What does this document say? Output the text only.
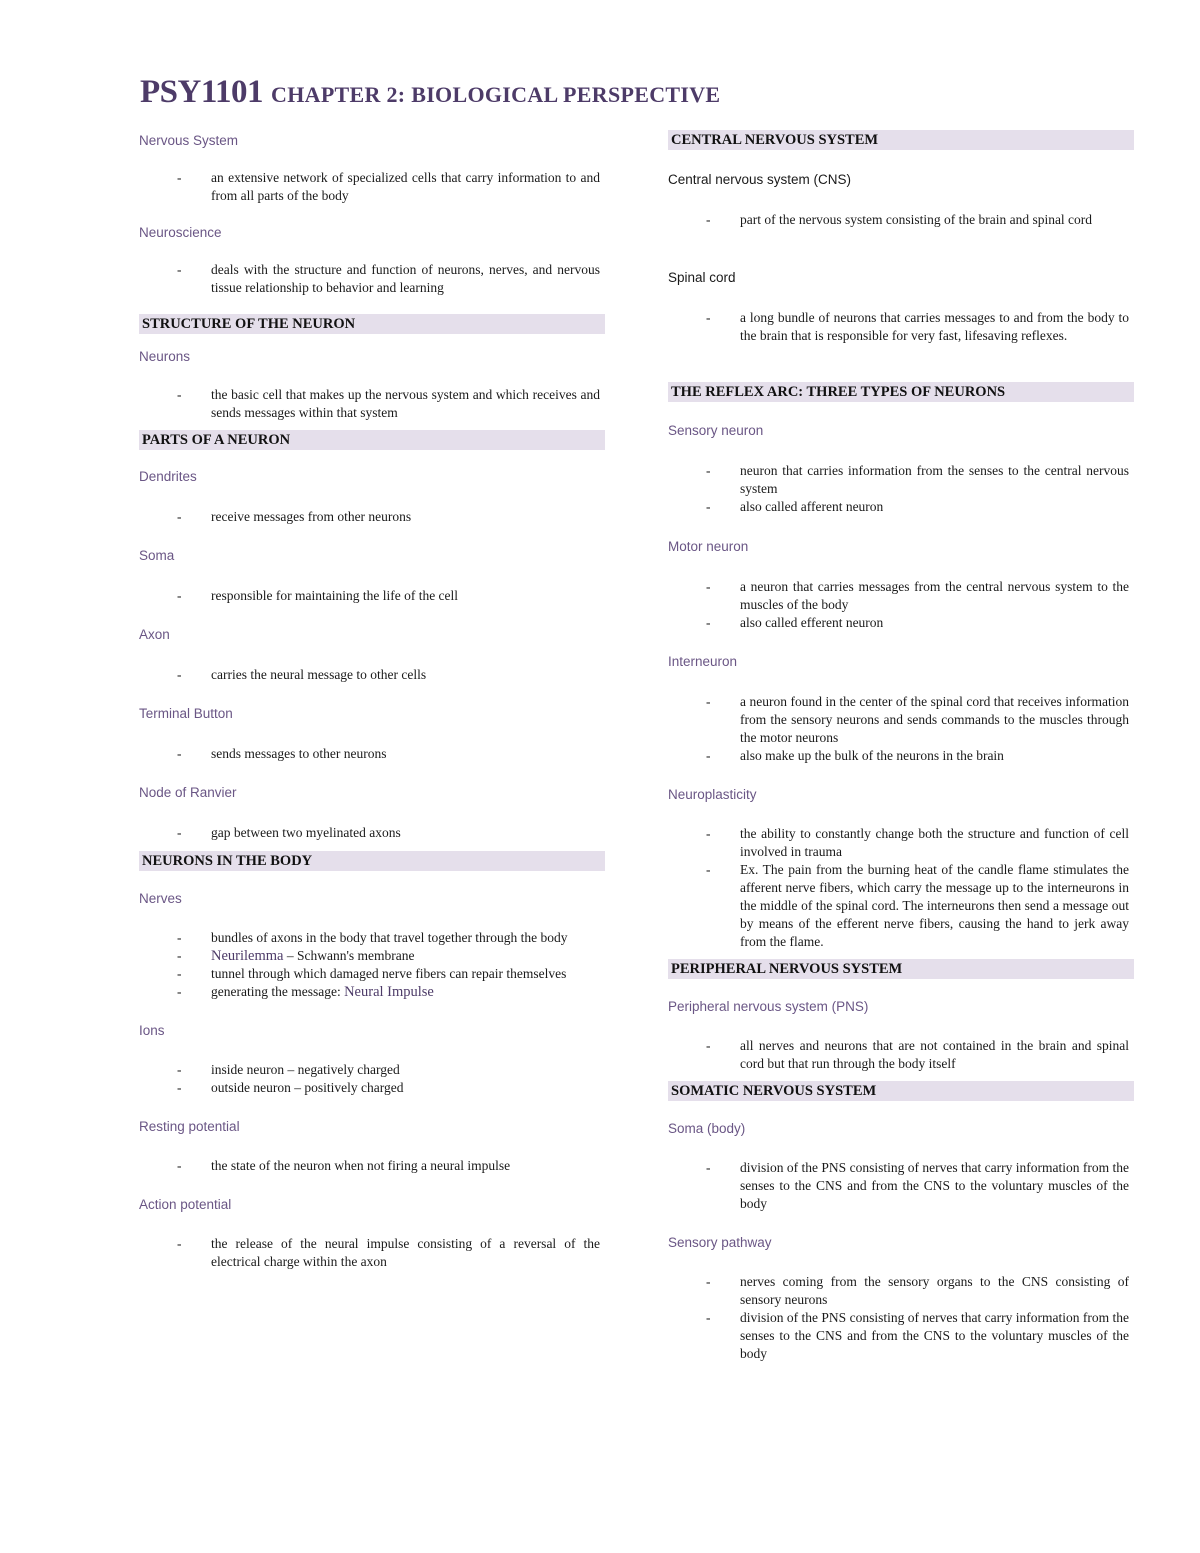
PSY1101 CHAPTER 2: BIOLOGICAL PERSPECTIVE

Nervous System

- an extensive network of specialized cells that carry information to and from all parts of the body

Neuroscience

- deals with the structure and function of neurons, nerves, and nervous tissue relationship to behavior and learning
STRUCTURE OF THE NEURON

Neurons

- the basic cell that makes up the nervous system and which receives and sends messages within that system
PARTS OF A NEURON

Dendrites

- receive messages from other neurons

Soma

- responsible for maintaining the life of the cell

Axon

- carries the neural message to other cells

Terminal Button

- sends messages to other neurons

Node of Ranvier

- gap between two myelinated axons
NEURONS IN THE BODY

Nerves

- bundles of axons in the body that travel together through the body
- Neurilemma – Schwann's membrane
- tunnel through which damaged nerve fibers can repair themselves
- generating the message: Neural Impulse

Ions

- inside neuron – negatively charged
- outside neuron – positively charged

Resting potential

- the state of the neuron when not firing a neural impulse

Action potential

- the release of the neural impulse consisting of a reversal of the electrical charge within the axon
CENTRAL NERVOUS SYSTEM

Central nervous system (CNS)

- part of the nervous system consisting of the brain and spinal cord

Spinal cord

- a long bundle of neurons that carries messages to and from the body to the brain that is responsible for very fast, lifesaving reflexes.
THE REFLEX ARC: THREE TYPES OF NEURONS

Sensory neuron

- neuron that carries information from the senses to the central nervous system
- also called afferent neuron

Motor neuron

- a neuron that carries messages from the central nervous system to the muscles of the body
- also called efferent neuron

Interneuron

- a neuron found in the center of the spinal cord that receives information from the sensory neurons and sends commands to the muscles through the motor neurons
- also make up the bulk of the neurons in the brain

Neuroplasticity

- the ability to constantly change both the structure and function of cell involved in trauma
- Ex. The pain from the burning heat of the candle flame stimulates the afferent nerve fibers, which carry the message up to the interneurons in the middle of the spinal cord. The interneurons then send a message out by means of the efferent nerve fibers, causing the hand to jerk away from the flame.
PERIPHERAL NERVOUS SYSTEM

Peripheral nervous system (PNS)

- all nerves and neurons that are not contained in the brain and spinal cord but that run through the body itself
SOMATIC NERVOUS SYSTEM

Soma (body)

- division of the PNS consisting of nerves that carry information from the senses to the CNS and from the CNS to the voluntary muscles of the body

Sensory pathway

- nerves coming from the sensory organs to the CNS consisting of sensory neurons
- division of the PNS consisting of nerves that carry information from the senses to the CNS and from the CNS to the voluntary muscles of the body
